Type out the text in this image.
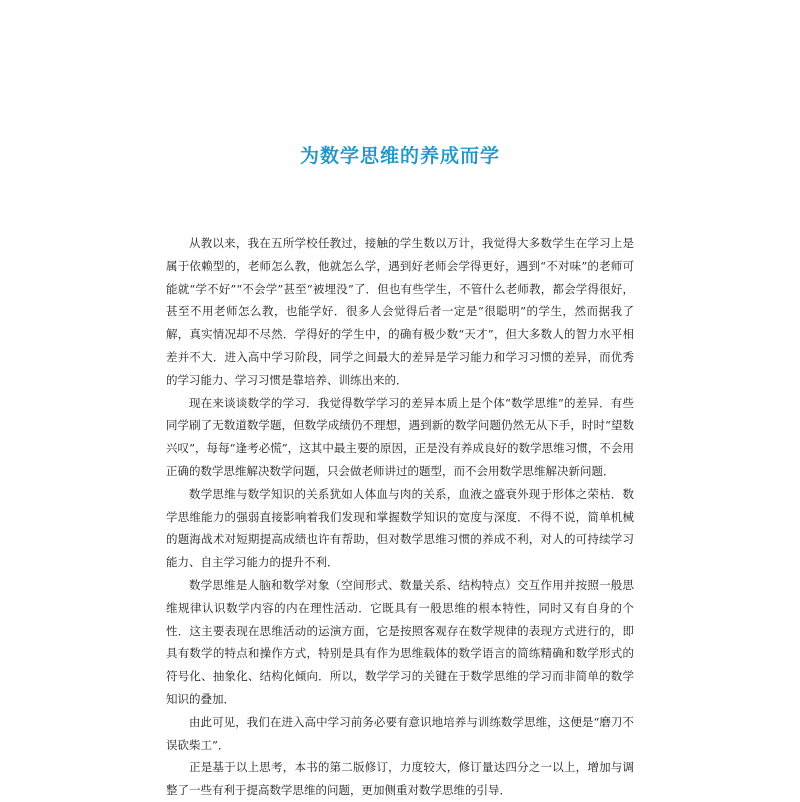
为数学思维的养成而学

从教以来，我在五所学校任教过，接触的学生数以万计，我觉得大多数学生在学习上是属于依赖型的，老师怎么教，他就怎么学，遇到好老师会学得更好，遇到“不对味”的老师可能就“学不好”“不会学”甚至“被埋没”了．但也有些学生，不管什么老师教，都会学得很好，甚至不用老师怎么教，也能学好．很多人会觉得后者一定是“很聪明”的学生，然而据我了解，真实情况却不尽然．学得好的学生中，的确有极少数“天才”，但大多数人的智力水平相差并不大．进入高中学习阶段，同学之间最大的差异是学习能力和学习习惯的差异，而优秀的学习能力、学习习惯是靠培养、训练出来的．

现在来谈谈数学的学习．我觉得数学学习的差异本质上是个体“数学思维”的差异．有些同学刷了无数道数学题，但数学成绩仍不理想，遇到新的数学问题仍然无从下手，时时“望数兴叹”，每每“逢考必慌”，这其中最主要的原因，正是没有养成良好的数学思维习惯，不会用正确的数学思维解决数学问题，只会做老师讲过的题型，而不会用数学思维解决新问题．

数学思维与数学知识的关系犹如人体血与肉的关系，血液之盛衰外现于形体之荣枯．数学思维能力的强弱直接影响着我们发现和掌握数学知识的宽度与深度．不得不说，简单机械的题海战术对短期提高成绩也许有帮助，但对数学思维习惯的养成不利，对人的可持续学习能力、自主学习能力的提升不利．

数学思维是人脑和数学对象（空间形式、数量关系、结构特点）交互作用并按照一般思维规律认识数学内容的内在理性活动．它既具有一般思维的根本特性，同时又有自身的个性．这主要表现在思维活动的运演方面，它是按照客观存在数学规律的表现方式进行的，即具有数学的特点和操作方式，特别是具有作为思维载体的数学语言的简练精确和数学形式的符号化、抽象化、结构化倾向．所以，数学学习的关键在于数学思维的学习而非简单的数学知识的叠加．

由此可见，我们在进入高中学习前务必要有意识地培养与训练数学思维，这便是“磨刀不误砍柴工”．

正是基于以上思考，本书的第二版修订，力度较大，修订量达四分之一以上，增加与调整了一些有利于提高数学思维的问题，更加侧重对数学思维的引导．
